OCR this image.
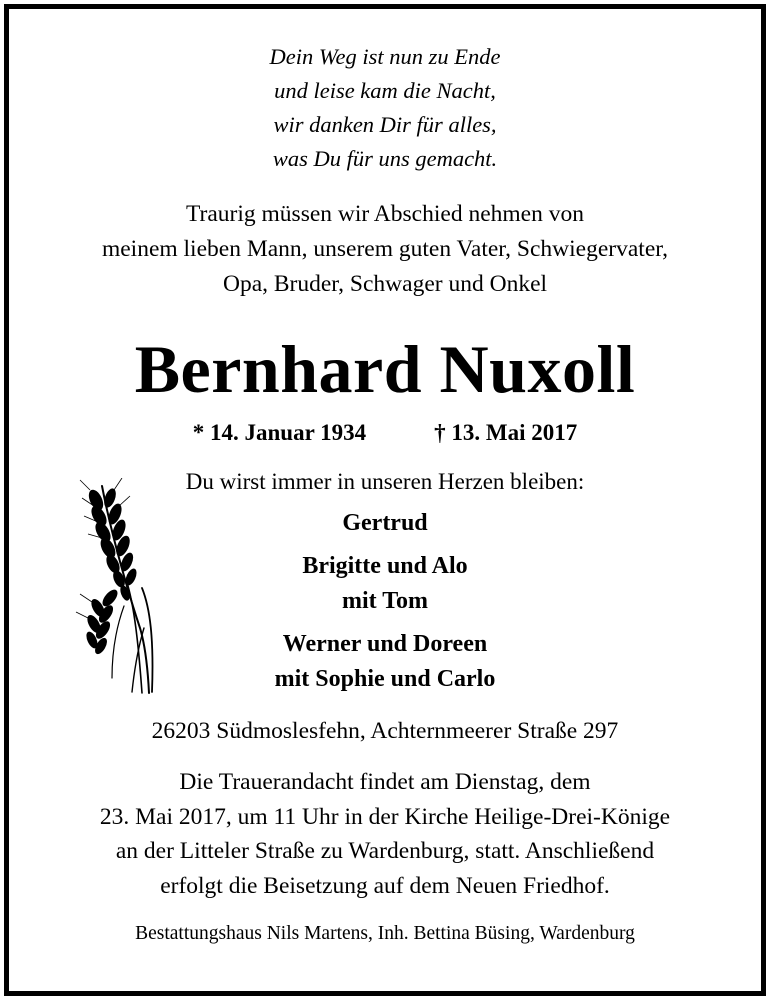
Dein Weg ist nun zu Ende
und leise kam die Nacht,
wir danken Dir für alles,
was Du für uns gemacht.
Traurig müssen wir Abschied nehmen von
meinem lieben Mann, unserem guten Vater, Schwiegervater,
Opa, Bruder, Schwager und Onkel
Bernhard Nuxoll
* 14. Januar 1934	† 13. Mai 2017
Du wirst immer in unseren Herzen bleiben:
Gertrud
Brigitte und Alo
mit Tom
Werner und Doreen
mit Sophie und Carlo
26203 Südmoslesfehn, Achternmeerer Straße 297
Die Trauerandacht findet am Dienstag, dem
23. Mai 2017, um 11 Uhr in der Kirche Heilige-Drei-Könige
an der Litteler Straße zu Wardenburg, statt. Anschließend
erfolgt die Beisetzung auf dem Neuen Friedhof.
Bestattungshaus Nils Martens, Inh. Bettina Büsing, Wardenburg
